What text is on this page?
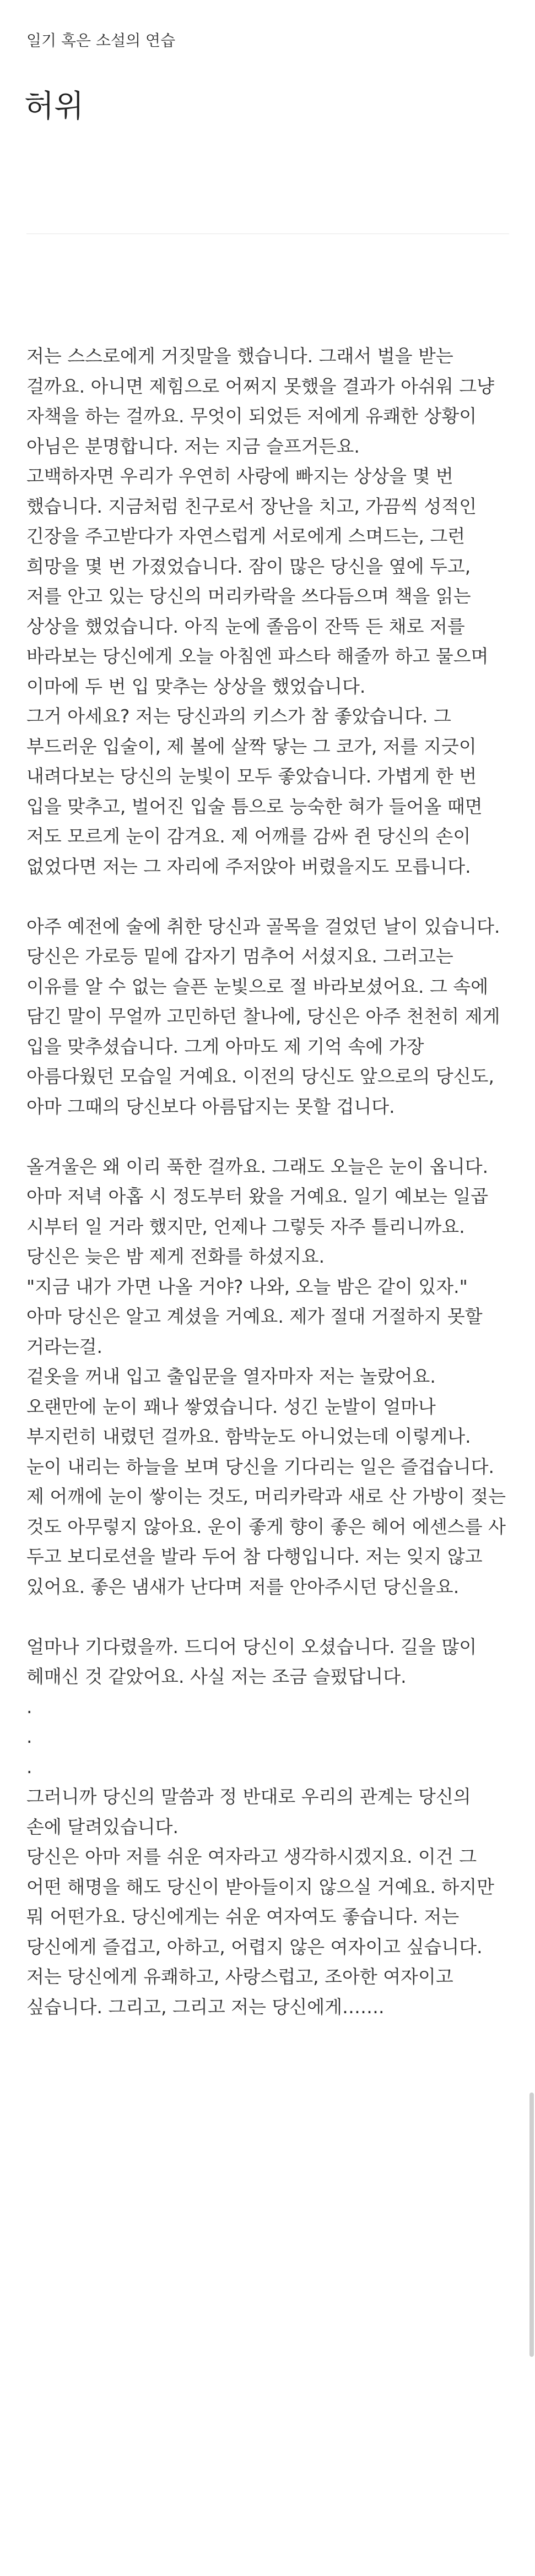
일기 혹은 소설의 연습
허위

저는 스스로에게 거짓말을 했습니다. 그래서 벌을 받는 걸까요. 아니면 제힘으로 어쩌지 못했을 결과가 아쉬워 그냥 자책을 하는 걸까요. 무엇이 되었든 저에게 유쾌한 상황이 아님은 분명합니다. 저는 지금 슬프거든요.

고백하자면 우리가 우연히 사랑에 빠지는 상상을 몇 번 했습니다. 지금처럼 친구로서 장난을 치고, 가끔씩 성적인 긴장을 주고받다가 자연스럽게 서로에게 스며드는, 그런 희망을 몇 번 가졌었습니다. 잠이 많은 당신을 옆에 두고, 저를 안고 있는 당신의 머리카락을 쓰다듬으며 책을 읽는 상상을 했었습니다. 아직 눈에 졸음이 잔뜩 든 채로 저를 바라보는 당신에게 오늘 아침엔 파스타 해줄까 하고 물으며 이마에 두 번 입 맞추는 상상을 했었습니다.

그거 아세요? 저는 당신과의 키스가 참 좋았습니다. 그 부드러운 입술이, 제 볼에 살짝 닿는 그 코가, 저를 지긋이 내려다보는 당신의 눈빛이 모두 좋았습니다. 가볍게 한 번 입을 맞추고, 벌어진 입술 틈으로 능숙한 혀가 들어올 때면 저도 모르게 눈이 감겨요. 제 어깨를 감싸 쥔 당신의 손이 없었다면 저는 그 자리에 주저앉아 버렸을지도 모릅니다.

아주 예전에 술에 취한 당신과 골목을 걸었던 날이 있습니다. 당신은 가로등 밑에 갑자기 멈추어 서셨지요. 그러고는 이유를 알 수 없는 슬픈 눈빛으로 절 바라보셨어요. 그 속에 담긴 말이 무얼까 고민하던 찰나에, 당신은 아주 천천히 제게 입을 맞추셨습니다. 그게 아마도 제 기억 속에 가장 아름다웠던 모습일 거예요. 이전의 당신도 앞으로의 당신도, 아마 그때의 당신보다 아름답지는 못할 겁니다.

올겨울은 왜 이리 푹한 걸까요. 그래도 오늘은 눈이 옵니다. 아마 저녁 아홉 시 정도부터 왔을 거예요. 일기 예보는 일곱 시부터 일 거라 했지만, 언제나 그렇듯 자주 틀리니까요. 당신은 늦은 밤 제게 전화를 하셨지요.

"지금 내가 가면 나올 거야? 나와, 오늘 밤은 같이 있자."

아마 당신은 알고 계셨을 거예요. 제가 절대 거절하지 못할 거라는걸.

겉옷을 꺼내 입고 출입문을 열자마자 저는 놀랐어요. 오랜만에 눈이 꽤나 쌓였습니다. 성긴 눈발이 얼마나 부지런히 내렸던 걸까요. 함박눈도 아니었는데 이렇게나.

눈이 내리는 하늘을 보며 당신을 기다리는 일은 즐겁습니다. 제 어깨에 눈이 쌓이는 것도, 머리카락과 새로 산 가방이 젖는 것도 아무렇지 않아요. 운이 좋게 향이 좋은 헤어 에센스를 사 두고 보디로션을 발라 두어 참 다행입니다. 저는 잊지 않고 있어요. 좋은 냄새가 난다며 저를 안아주시던 당신을요.

얼마나 기다렸을까. 드디어 당신이 오셨습니다. 길을 많이 헤매신 것 같았어요. 사실 저는 조금 슬펐답니다.

.

.

.

그러니까 당신의 말씀과 정 반대로 우리의 관계는 당신의 손에 달려있습니다.

당신은 아마 저를 쉬운 여자라고 생각하시겠지요. 이건 그 어떤 해명을 해도 당신이 받아들이지 않으실 거예요. 하지만 뭐 어떤가요. 당신에게는 쉬운 여자여도 좋습니다. 저는 당신에게 즐겁고, 아하고, 어렵지 않은 여자이고 싶습니다. 저는 당신에게 유쾌하고, 사랑스럽고, 조아한 여자이고 싶습니다. 그리고, 그리고 저는 당신에게…….
